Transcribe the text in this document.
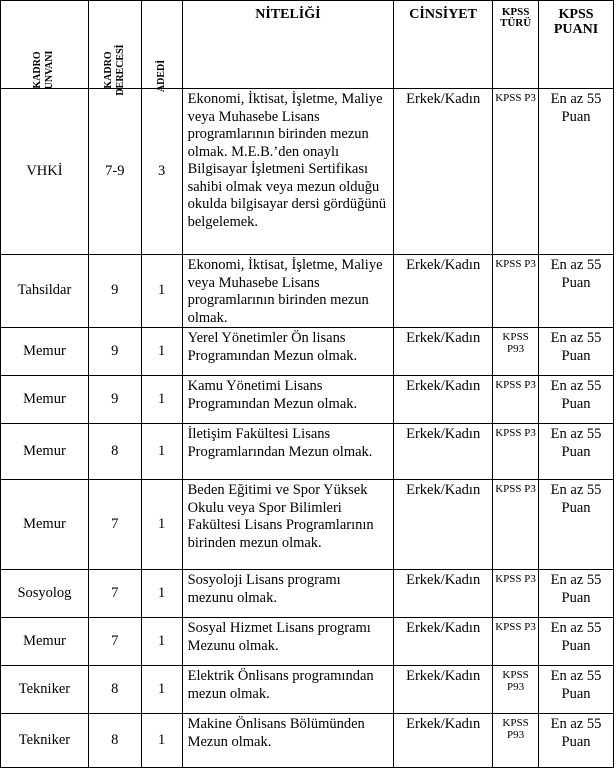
KADRO UNVANI	KADRO DERECESİ	ADEDİ	NİTELİĞİ	CİNSİYET	KPSS TÜRÜ	KPSS PUANI

VHKİ	7-9	3	Ekonomi, İktisat, İşletme, Maliye veya Muhasebe Lisans programlarının birinden mezun olmak. M.E.B.’den onaylı Bilgisayar İşletmeni Sertifikası sahibi olmak veya mezun olduğu okulda bilgisayar dersi gördüğünü belgelemek.	Erkek/Kadın	KPSS P3	En az 55 Puan
Tahsildar	9	1	Ekonomi, İktisat, İşletme, Maliye veya Muhasebe Lisans programlarının birinden mezun olmak.	Erkek/Kadın	KPSS P3	En az 55 Puan
Memur	9	1	Yerel Yönetimler Ön lisans Programından Mezun olmak.	Erkek/Kadın	KPSS P93	En az 55 Puan
Memur	9	1	Kamu Yönetimi Lisans Programından Mezun olmak.	Erkek/Kadın	KPSS P3	En az 55 Puan
Memur	8	1	İletişim Fakültesi Lisans Programlarından Mezun olmak.	Erkek/Kadın	KPSS P3	En az 55 Puan
Memur	7	1	Beden Eğitimi ve Spor Yüksek Okulu veya Spor Bilimleri Fakültesi Lisans Programlarının birinden mezun olmak.	Erkek/Kadın	KPSS P3	En az 55 Puan
Sosyolog	7	1	Sosyoloji Lisans programı mezunu olmak.	Erkek/Kadın	KPSS P3	En az 55 Puan
Memur	7	1	Sosyal Hizmet Lisans programı Mezunu olmak.	Erkek/Kadın	KPSS P3	En az 55 Puan
Tekniker	8	1	Elektrik Önlisans programından mezun olmak.	Erkek/Kadın	KPSS P93	En az 55 Puan
Tekniker	8	1	Makine Önlisans Bölümünden Mezun olmak.	Erkek/Kadın	KPSS P93	En az 55 Puan
